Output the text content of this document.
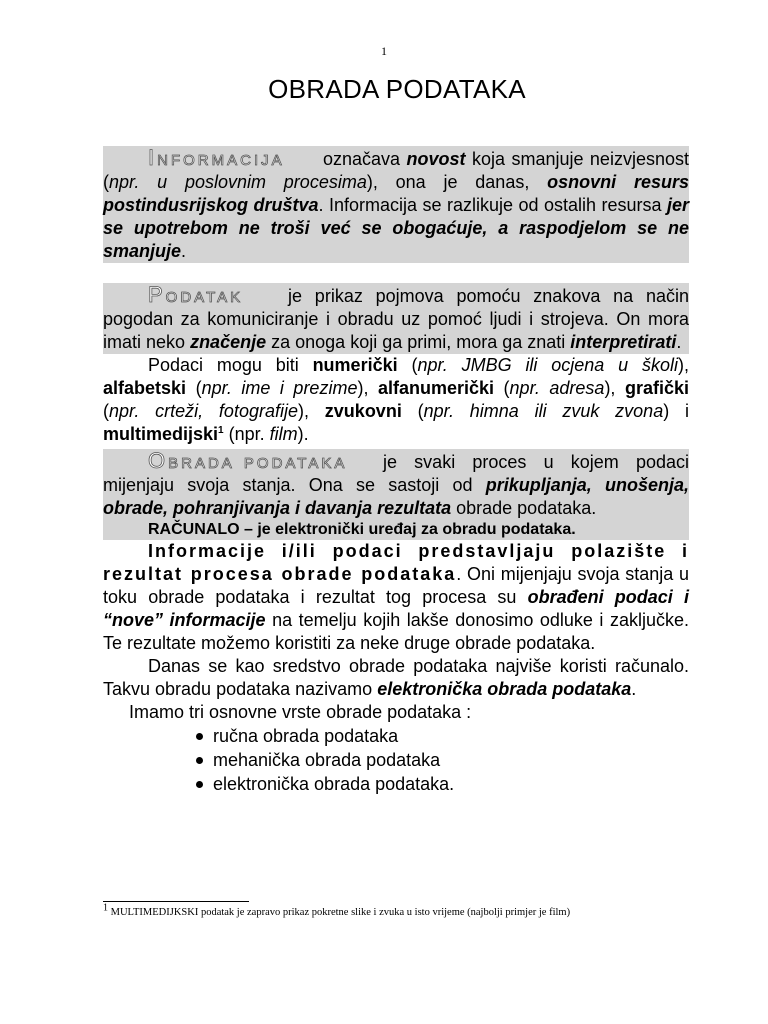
1
OBRADA PODATAKA

Informacija označava novost koja smanjuje neizvjesnost (npr. u poslovnim procesima), ona je danas, osnovni resurs postindusrijskog društva. Informacija se razlikuje od ostalih resursa jer se upotrebom ne troši već se obogaćuje, a raspodjelom se ne smanjuje.

Podatak je prikaz pojmova pomoću znakova na način pogodan za komuniciranje i obradu uz pomoć ljudi i strojeva. On mora imati neko značenje za onoga koji ga primi, mora ga znati interpretirati.

Podaci mogu biti numerički (npr. JMBG ili ocjena u školi), alfabetski (npr. ime i prezime), alfanumerički (npr. adresa), grafički (npr. crteži, fotografije), zvukovni (npr. himna ili zvuk zvona) i multimedijski$^1$ (npr. film).

Obrada podataka je svaki proces u kojem podaci mijenjaju svoja stanja. Ona se sastoji od prikupljanja, unošenja, obrade, pohranjivanja i davanja rezultata obrade podataka.

RAČUNALO – je elektronički uređaj za obradu podataka.

Informacije i/ili podaci predstavljaju polazište i rezultat procesa obrade podataka. Oni mijenjaju svoja stanja u toku obrade podataka i rezultat tog procesa su obrađeni podaci i “nove” informacije na temelju kojih lakše donosimo odluke i zaključke. Te rezultate možemo koristiti za neke druge obrade podataka.

Danas se kao sredstvo obrade podataka najviše koristi računalo. Takvu obradu podataka nazivamo elektronička obrada podataka.

Imamo tri osnovne vrste obrade podataka :

ručna obrada podataka
mehanička obrada podataka
elektronička obrada podataka.
$^1$ MULTIMEDIJKSKI podatak je zapravo prikaz pokretne slike i zvuka u isto vrijeme (najbolji primjer je film)
